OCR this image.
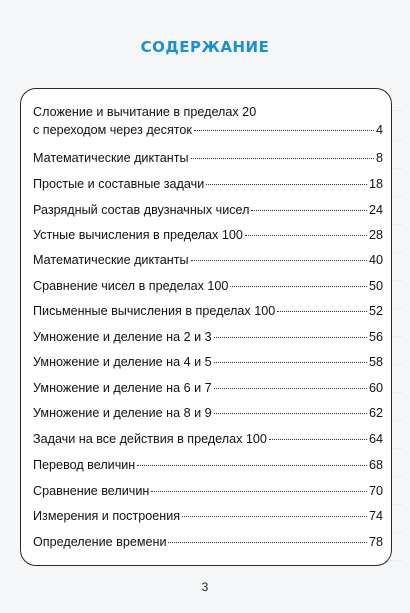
СОДЕРЖАНИЕ
Сложение и вычитание в пределах 20
с переходом через десяток	4
Математические диктанты	8
Простые и составные задачи	18
Разрядный состав двузначных чисел	24
Устные вычисления в пределах 100	28
Математические диктанты	40
Сравнение чисел в пределах 100	50
Письменные вычисления в пределах 100	52
Умножение и деление на 2 и 3	56
Умножение и деление на 4 и 5	58
Умножение и деление на 6 и 7	60
Умножение и деление на 8 и 9	62
Задачи на все действия в пределах 100	64
Перевод величин	68
Сравнение величин	70
Измерения и построения	74
Определение времени	78
3
